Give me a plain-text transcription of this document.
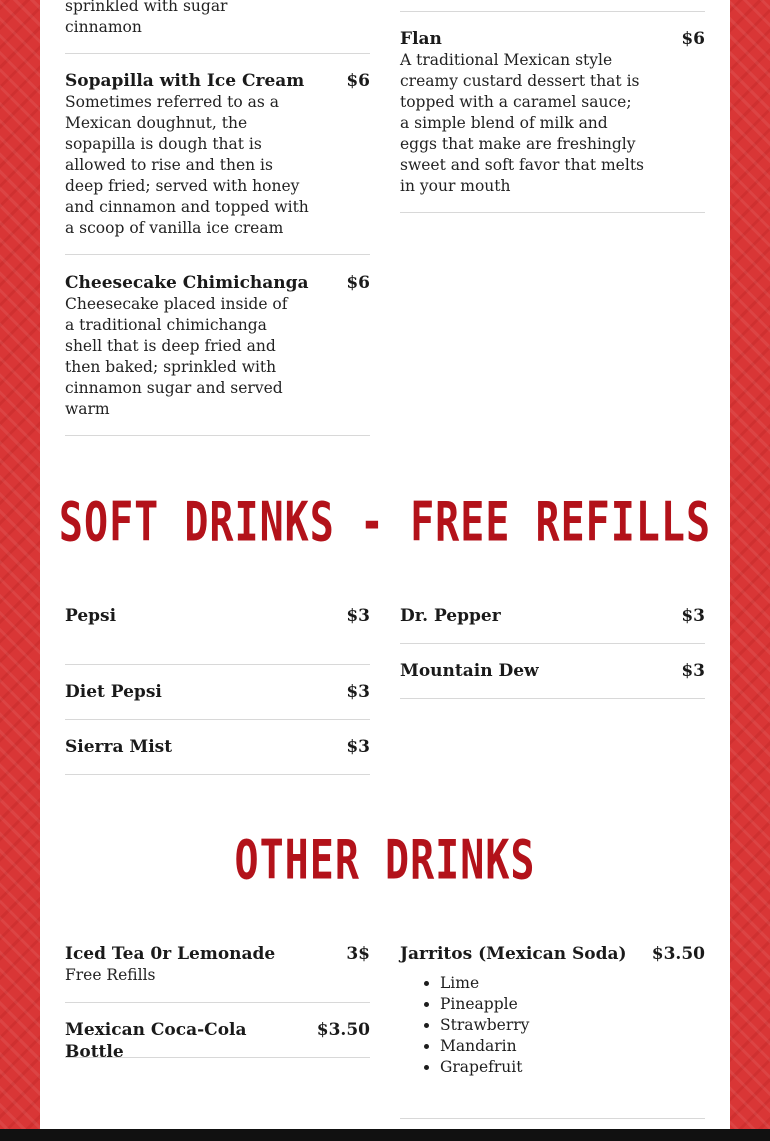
sprinkled with sugar cinnamon
Sopapilla with Ice Cream	$6
Sometimes referred to as a Mexican doughnut, the sopapilla is dough that is allowed to rise and then is deep fried; served with honey and cinnamon and topped with a scoop of vanilla ice cream
Cheesecake Chimichanga	$6
Cheesecake placed inside of a traditional chimichanga shell that is deep fried and then baked; sprinkled with cinnamon sugar and served warm
Flan	$6
A traditional Mexican style creamy custard dessert that is topped with a caramel sauce; a simple blend of milk and eggs that make are freshingly sweet and soft favor that melts in your mouth
SOFT DRINKS - FREE REFILLS
Pepsi	$3
Diet Pepsi	$3
Sierra Mist	$3
Dr. Pepper	$3
Mountain Dew	$3
OTHER DRINKS
Iced Tea 0r Lemonade	3$
Free Refills
Mexican Coca-Cola Bottle
$3.50
Jarritos (Mexican Soda)	$3.50
• Lime
• Pineapple
• Strawberry
• Mandarin
• Grapefruit
